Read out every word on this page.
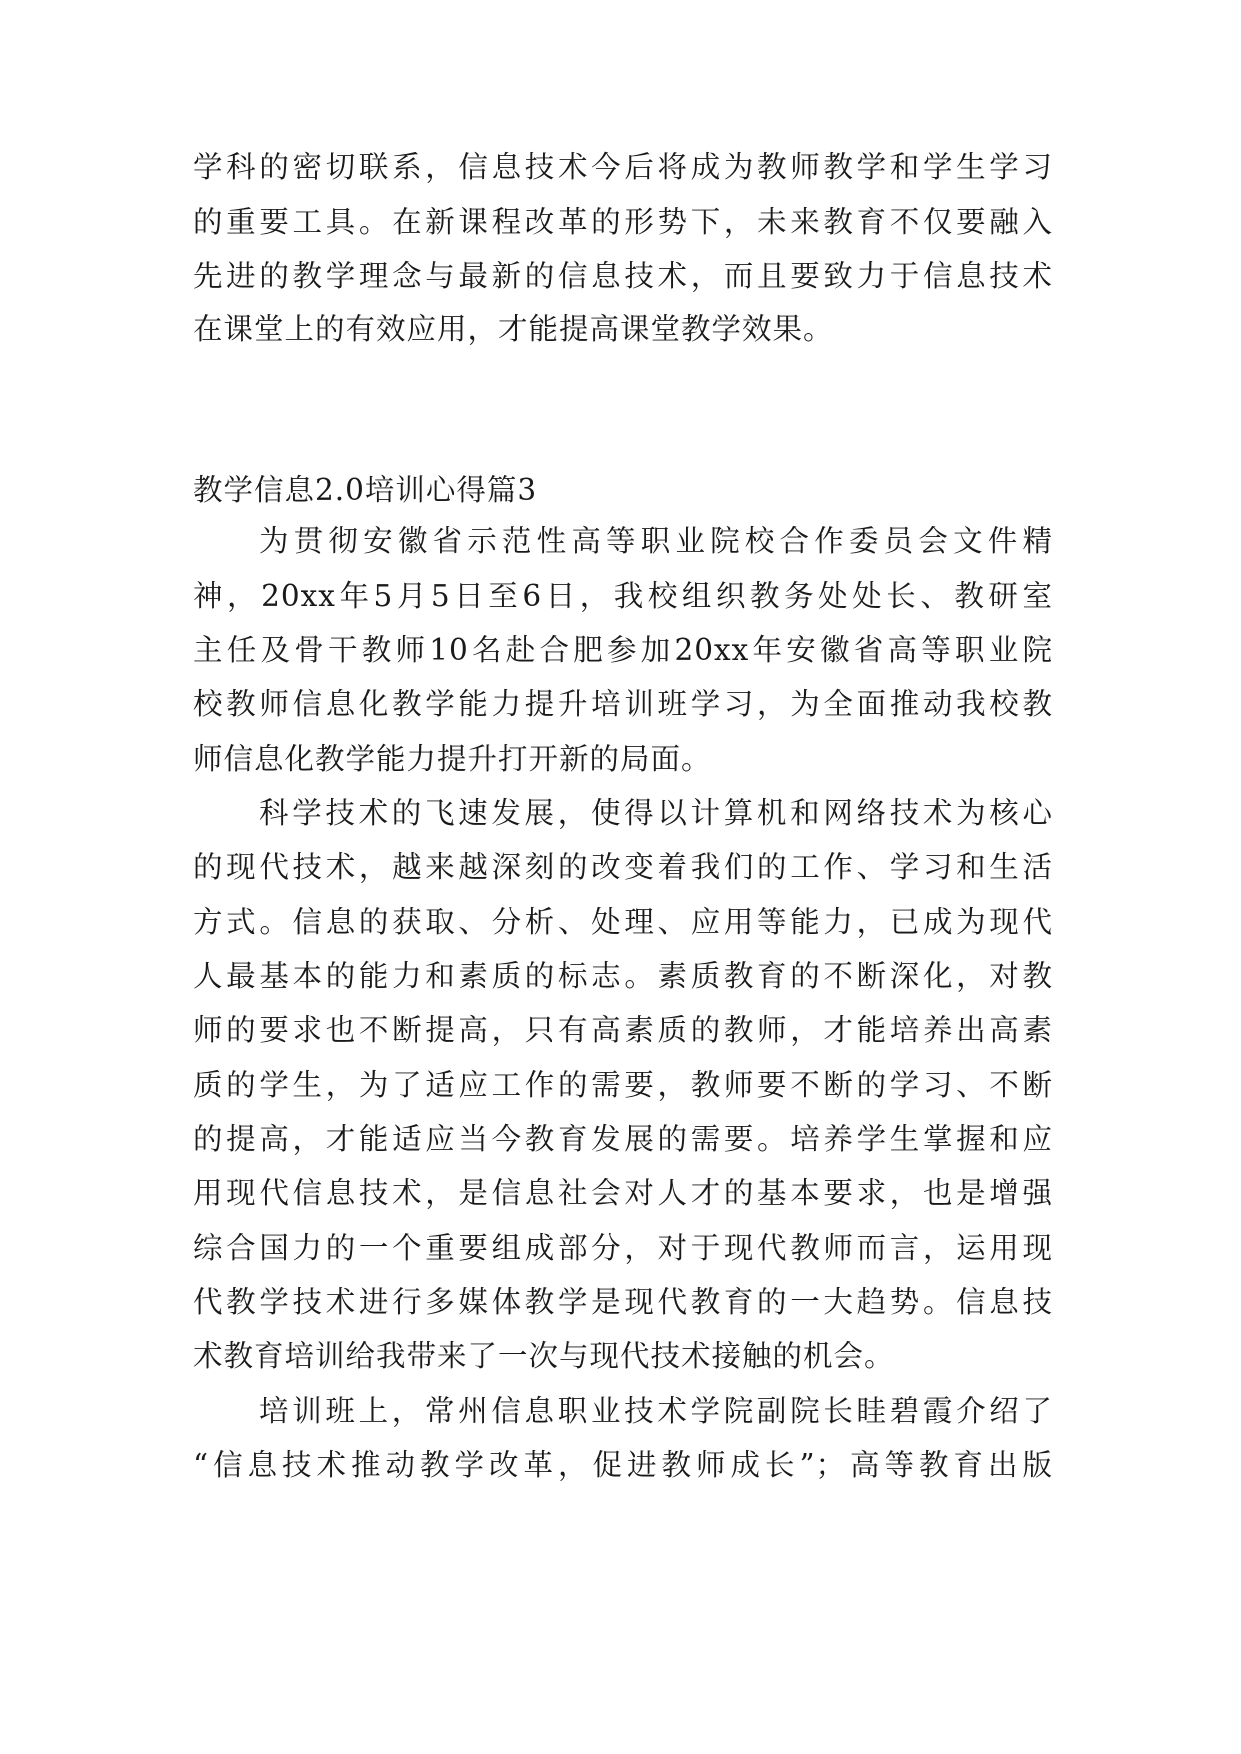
学科的密切联系，信息技术今后将成为教师教学和学生学习
的重要工具。在新课程改革的形势下，未来教育不仅要融入
先进的教学理念与最新的信息技术，而且要致力于信息技术
在课堂上的有效应用，才能提高课堂教学效果。
教学信息2.0培训心得篇3
为贯彻安徽省示范性高等职业院校合作委员会文件精
神，20xx年5月5日至6日，我校组织教务处处长、教研室
主任及骨干教师10名赴合肥参加20xx年安徽省高等职业院
校教师信息化教学能力提升培训班学习，为全面推动我校教
师信息化教学能力提升打开新的局面。
科学技术的飞速发展，使得以计算机和网络技术为核心
的现代技术，越来越深刻的改变着我们的工作、学习和生活
方式。信息的获取、分析、处理、应用等能力，已成为现代
人最基本的能力和素质的标志。素质教育的不断深化，对教
师的要求也不断提高，只有高素质的教师，才能培养出高素
质的学生，为了适应工作的需要，教师要不断的学习、不断
的提高，才能适应当今教育发展的需要。培养学生掌握和应
用现代信息技术，是信息社会对人才的基本要求，也是增强
综合国力的一个重要组成部分，对于现代教师而言，运用现
代教学技术进行多媒体教学是现代教育的一大趋势。信息技
术教育培训给我带来了一次与现代技术接触的机会。
培训班上，常州信息职业技术学院副院长眭碧霞介绍了
“信息技术推动教学改革，促进教师成长”；高等教育出版
